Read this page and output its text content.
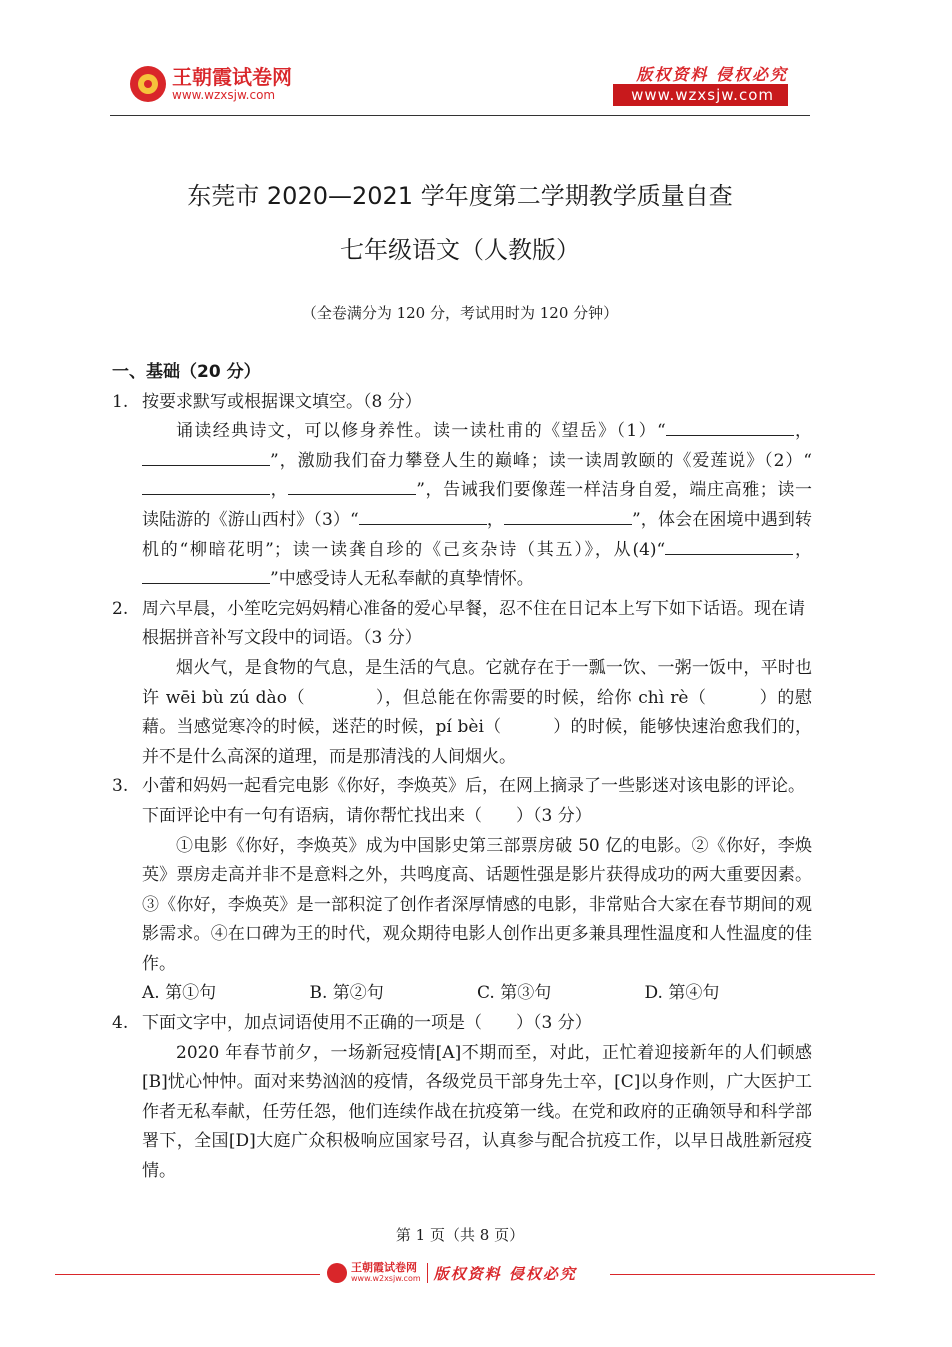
王朝霞试卷网
www.wzxsjw.com
版权资料 侵权必究
www.wzxsjw.com
东莞市 2020—2021 学年度第二学期教学质量自查
七年级语文（人教版）
（全卷满分为 120 分，考试用时为 120 分钟）
一、基础（20 分）
1. 按要求默写或根据课文填空。（8 分）
诵读经典诗文，可以修身养性。读一读杜甫的《望岳》（1）“	，”，激励我们奋力攀登人生的巅峰；读一读周敦颐的《爱莲说》（2）“，	”，告诫我们要像莲一样洁身自爱，端庄高雅；读一读陆游的《游山西村》（3）“	，	”，体会在困境中遇到转机的“柳暗花明”；读一读龚自珍的《己亥杂诗（其五）》，从(4)“	，”中感受诗人无私奉献的真挚情怀。
2. 周六早晨，小笙吃完妈妈精心准备的爱心早餐，忍不住在日记本上写下如下话语。现在请根据拼音补写文段中的词语。（3 分）
烟火气，是食物的气息，是生活的气息。它就存在于一瓢一饮、一粥一饭中，平时也许 wēi bù zú dào（　　　　），但总能在你需要的时候，给你 chì rè（　　　）的慰藉。当感觉寒冷的时候，迷茫的时候，pí bèi（　　　）的时候，能够快速治愈我们的，并不是什么高深的道理，而是那清浅的人间烟火。
3. 小蕾和妈妈一起看完电影《你好，李焕英》后，在网上摘录了一些影迷对该电影的评论。下面评论中有一句有语病，请你帮忙找出来（　　）（3 分）
①电影《你好，李焕英》成为中国影史第三部票房破 50 亿的电影。②《你好，李焕英》票房走高并非不是意料之外，共鸣度高、话题性强是影片获得成功的两大重要因素。③《你好，李焕英》是一部积淀了创作者深厚情感的电影，非常贴合大家在春节期间的观影需求。④在口碑为王的时代，观众期待电影人创作出更多兼具理性温度和人性温度的佳作。
A. 第①句	B. 第②句	C. 第③句	D. 第④句
4. 下面文字中，加点词语使用不正确的一项是（　　）（3 分）
2020 年春节前夕，一场新冠疫情[A]不期而至，对此，正忙着迎接新年的人们顿感[B]忧心忡忡。面对来势汹汹的疫情，各级党员干部身先士卒，[C]以身作则，广大医护工作者无私奉献，任劳任怨，他们连续作战在抗疫第一线。在党和政府的正确领导和科学部署下，全国[D]大庭广众积极响应国家号召，认真参与配合抗疫工作，以早日战胜新冠疫情。
第 1 页（共 8 页）
王朝霞试卷网
www.w2xsjw.com 版权资料 侵权必究
